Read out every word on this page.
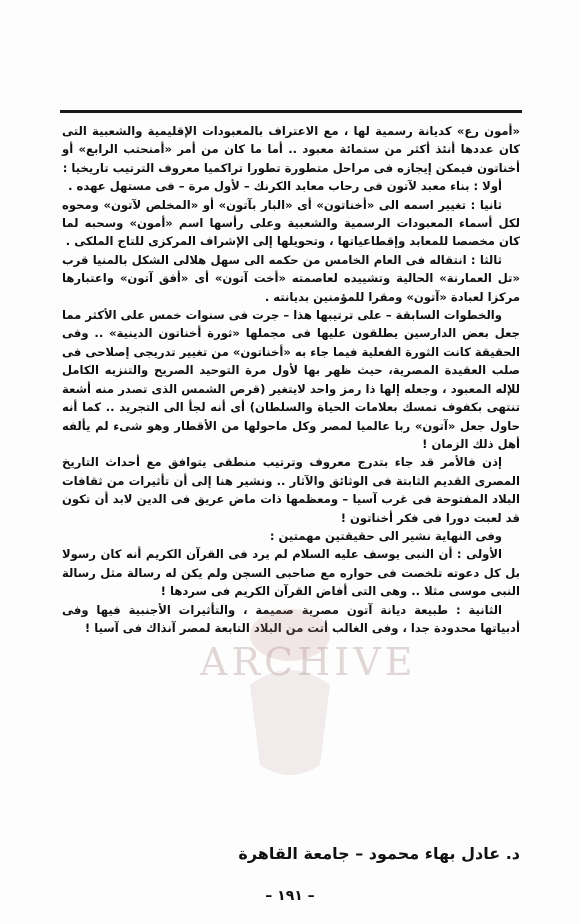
«أمون رع» كديانة رسمية لها ، مع الاعتراف بالمعبودات الإقليمية والشعبية التى كان عددها أنئذ أكثر من ستمائة معبود .. أما ما كان من أمر «أمنحتب الرابع» أو أخناتون فيمكن إيجازه فى مراحل متطورة تطورا تراكميا معروف الترتيب تاريخيا :

أولا : بناء معبد لآتون فى رحاب معابد الكرنك – لأول مرة – فى مستهل عهده .

ثانيا : تغيير اسمه الى «أخناتون» أى «البار بآتون» أو «المخلص لآتون» ومحوه لكل أسماء المعبودات الرسمية والشعبية وعلى رأسها اسم «أمون» وسحبه لما كان مخصصا للمعابد وإقطاعياتها ، وتحويلها إلى الإشراف المركزى للتاج الملكى .

ثالثا : انتقاله فى العام الخامس من حكمه الى سهل هلالى الشكل بالمنيا قرب «تل العمارنة» الحالية وتشييده لعاصمته «أخت آتون» أى «أفق آتون» واعتبارها مركزا لعبادة «آتون» ومقرا للمؤمنين بديانته .

والخطوات السابقة – على ترتيبها هذا – جرت فى سنوات خمس على الأكثر مما جعل بعض الدارسين يطلقون عليها فى مجملها «ثورة أخناتون الدينية» .. وفى الحقيقة كانت الثورة الفعلية فيما جاء به «أخناتون» من تغيير تدريجى إصلاحى فى صلب العقيدة المصرية، حيث ظهر بها لأول مرة التوحيد الصريح والتنزيه الكامل للإله المعبود ، وجعله إلها ذا رمز واحد لايتغير (قرص الشمس الذى تصدر منه أشعة تنتهى بكفوف تمسك بعلامات الحياة والسلطان) أى أنه لجأ الى التجريد .. كما أنه حاول جعل «آتون» ربا عالميا لمصر وكل ماحولها من الأقطار وهو شىء لم يألفه أهل ذلك الزمان !

إذن فالأمر قد جاء بتدرج معروف وترتيب منطقى يتوافق مع أحداث التاريخ المصرى القديم الثابتة فى الوثائق والآثار .. ونشير هنا إلى أن تأثيرات من ثقافات البلاد المفتوحة فى غرب آسيا – ومعظمها ذات ماض عريق فى الدين لابد أن تكون قد لعبت دورا فى فكر أخناتون !

وفى النهاية نشير الى حقيقتين مهمتين :

الأولى : أن النبى يوسف عليه السلام لم يرد فى القرآن الكريم أنه كان رسولا بل كل دعوته تلخصت فى حواره مع صاحبى السجن ولم يكن له رسالة مثل رسالة النبى موسى مثلا .. وهى التى أفاض القرآن الكريم فى سردها !

الثانية : طبيعة ديانة آتون مصرية صميمة ، والتأثيرات الأجنبية فيها وفى أدبياتها محدودة جدا ، وفى الغالب أتت من البلاد التابعة لمصر آنذاك فى آسيا !

ARCHIVE
د. عادل بهاء محمود – جامعة القاهرة
– ١٩١ –
